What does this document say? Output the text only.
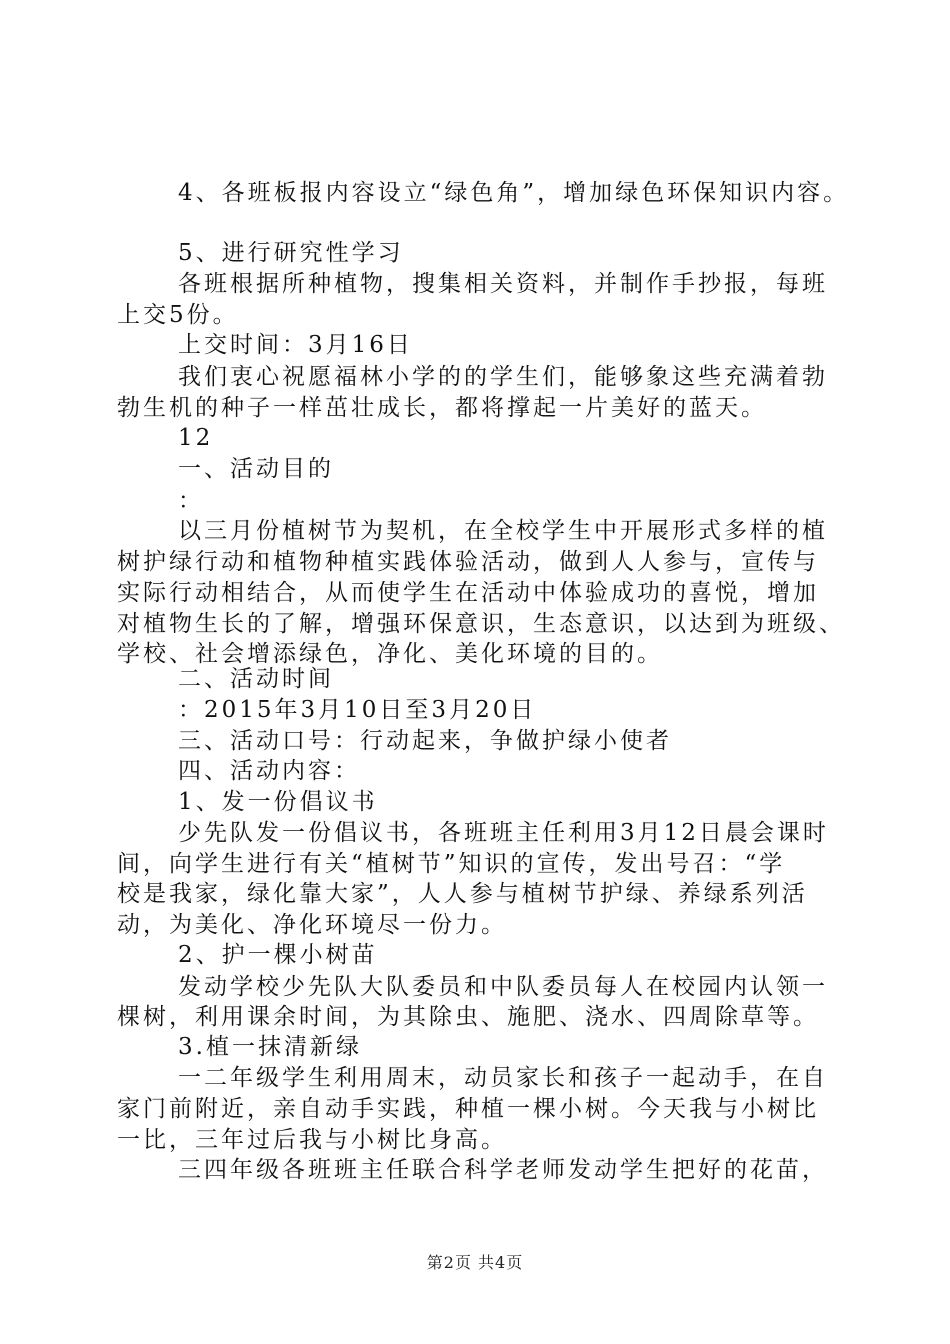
4、各班板报内容设立“绿色角”，增加绿色环保知识内容。
5、进行研究性学习
各班根据所种植物，搜集相关资料，并制作手抄报，每班
上交5份。
上交时间：3月16日
我们衷心祝愿福林小学的的学生们，能够象这些充满着勃
勃生机的种子一样茁壮成长，都将撑起一片美好的蓝天。
12
一、活动目的
：
以三月份植树节为契机，在全校学生中开展形式多样的植
树护绿行动和植物种植实践体验活动，做到人人参与，宣传与
实际行动相结合，从而使学生在活动中体验成功的喜悦，增加
对植物生长的了解，增强环保意识，生态意识，以达到为班级、
学校、社会增添绿色，净化、美化环境的目的。
二、活动时间
：2015年3月10日至3月20日
三、活动口号：行动起来，争做护绿小使者
四、活动内容：
1、发一份倡议书
少先队发一份倡议书，各班班主任利用3月12日晨会课时
间，向学生进行有关“植树节”知识的宣传，发出号召：“学
校是我家，绿化靠大家”，人人参与植树节护绿、养绿系列活
动，为美化、净化环境尽一份力。
2、护一棵小树苗
发动学校少先队大队委员和中队委员每人在校园内认领一
棵树，利用课余时间，为其除虫、施肥、浇水、四周除草等。
3.植一抹清新绿
一二年级学生利用周末，动员家长和孩子一起动手，在自
家门前附近，亲自动手实践，种植一棵小树。今天我与小树比
一比，三年过后我与小树比身高。
三四年级各班班主任联合科学老师发动学生把好的花苗，
第2页 共4页
